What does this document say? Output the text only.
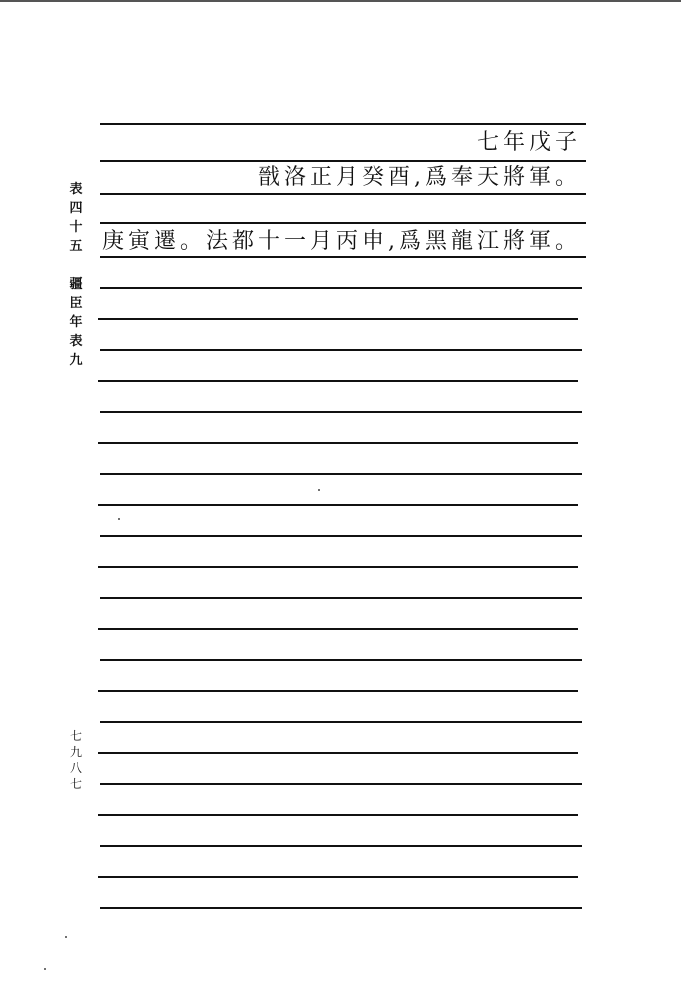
表
四
十
五
疆
臣
年
表
九
七
九
八
七
七年戊子
戩洛正月癸酉,爲奉天將軍。
庚寅遷。法都十一月丙申,爲黑龍江將軍。
